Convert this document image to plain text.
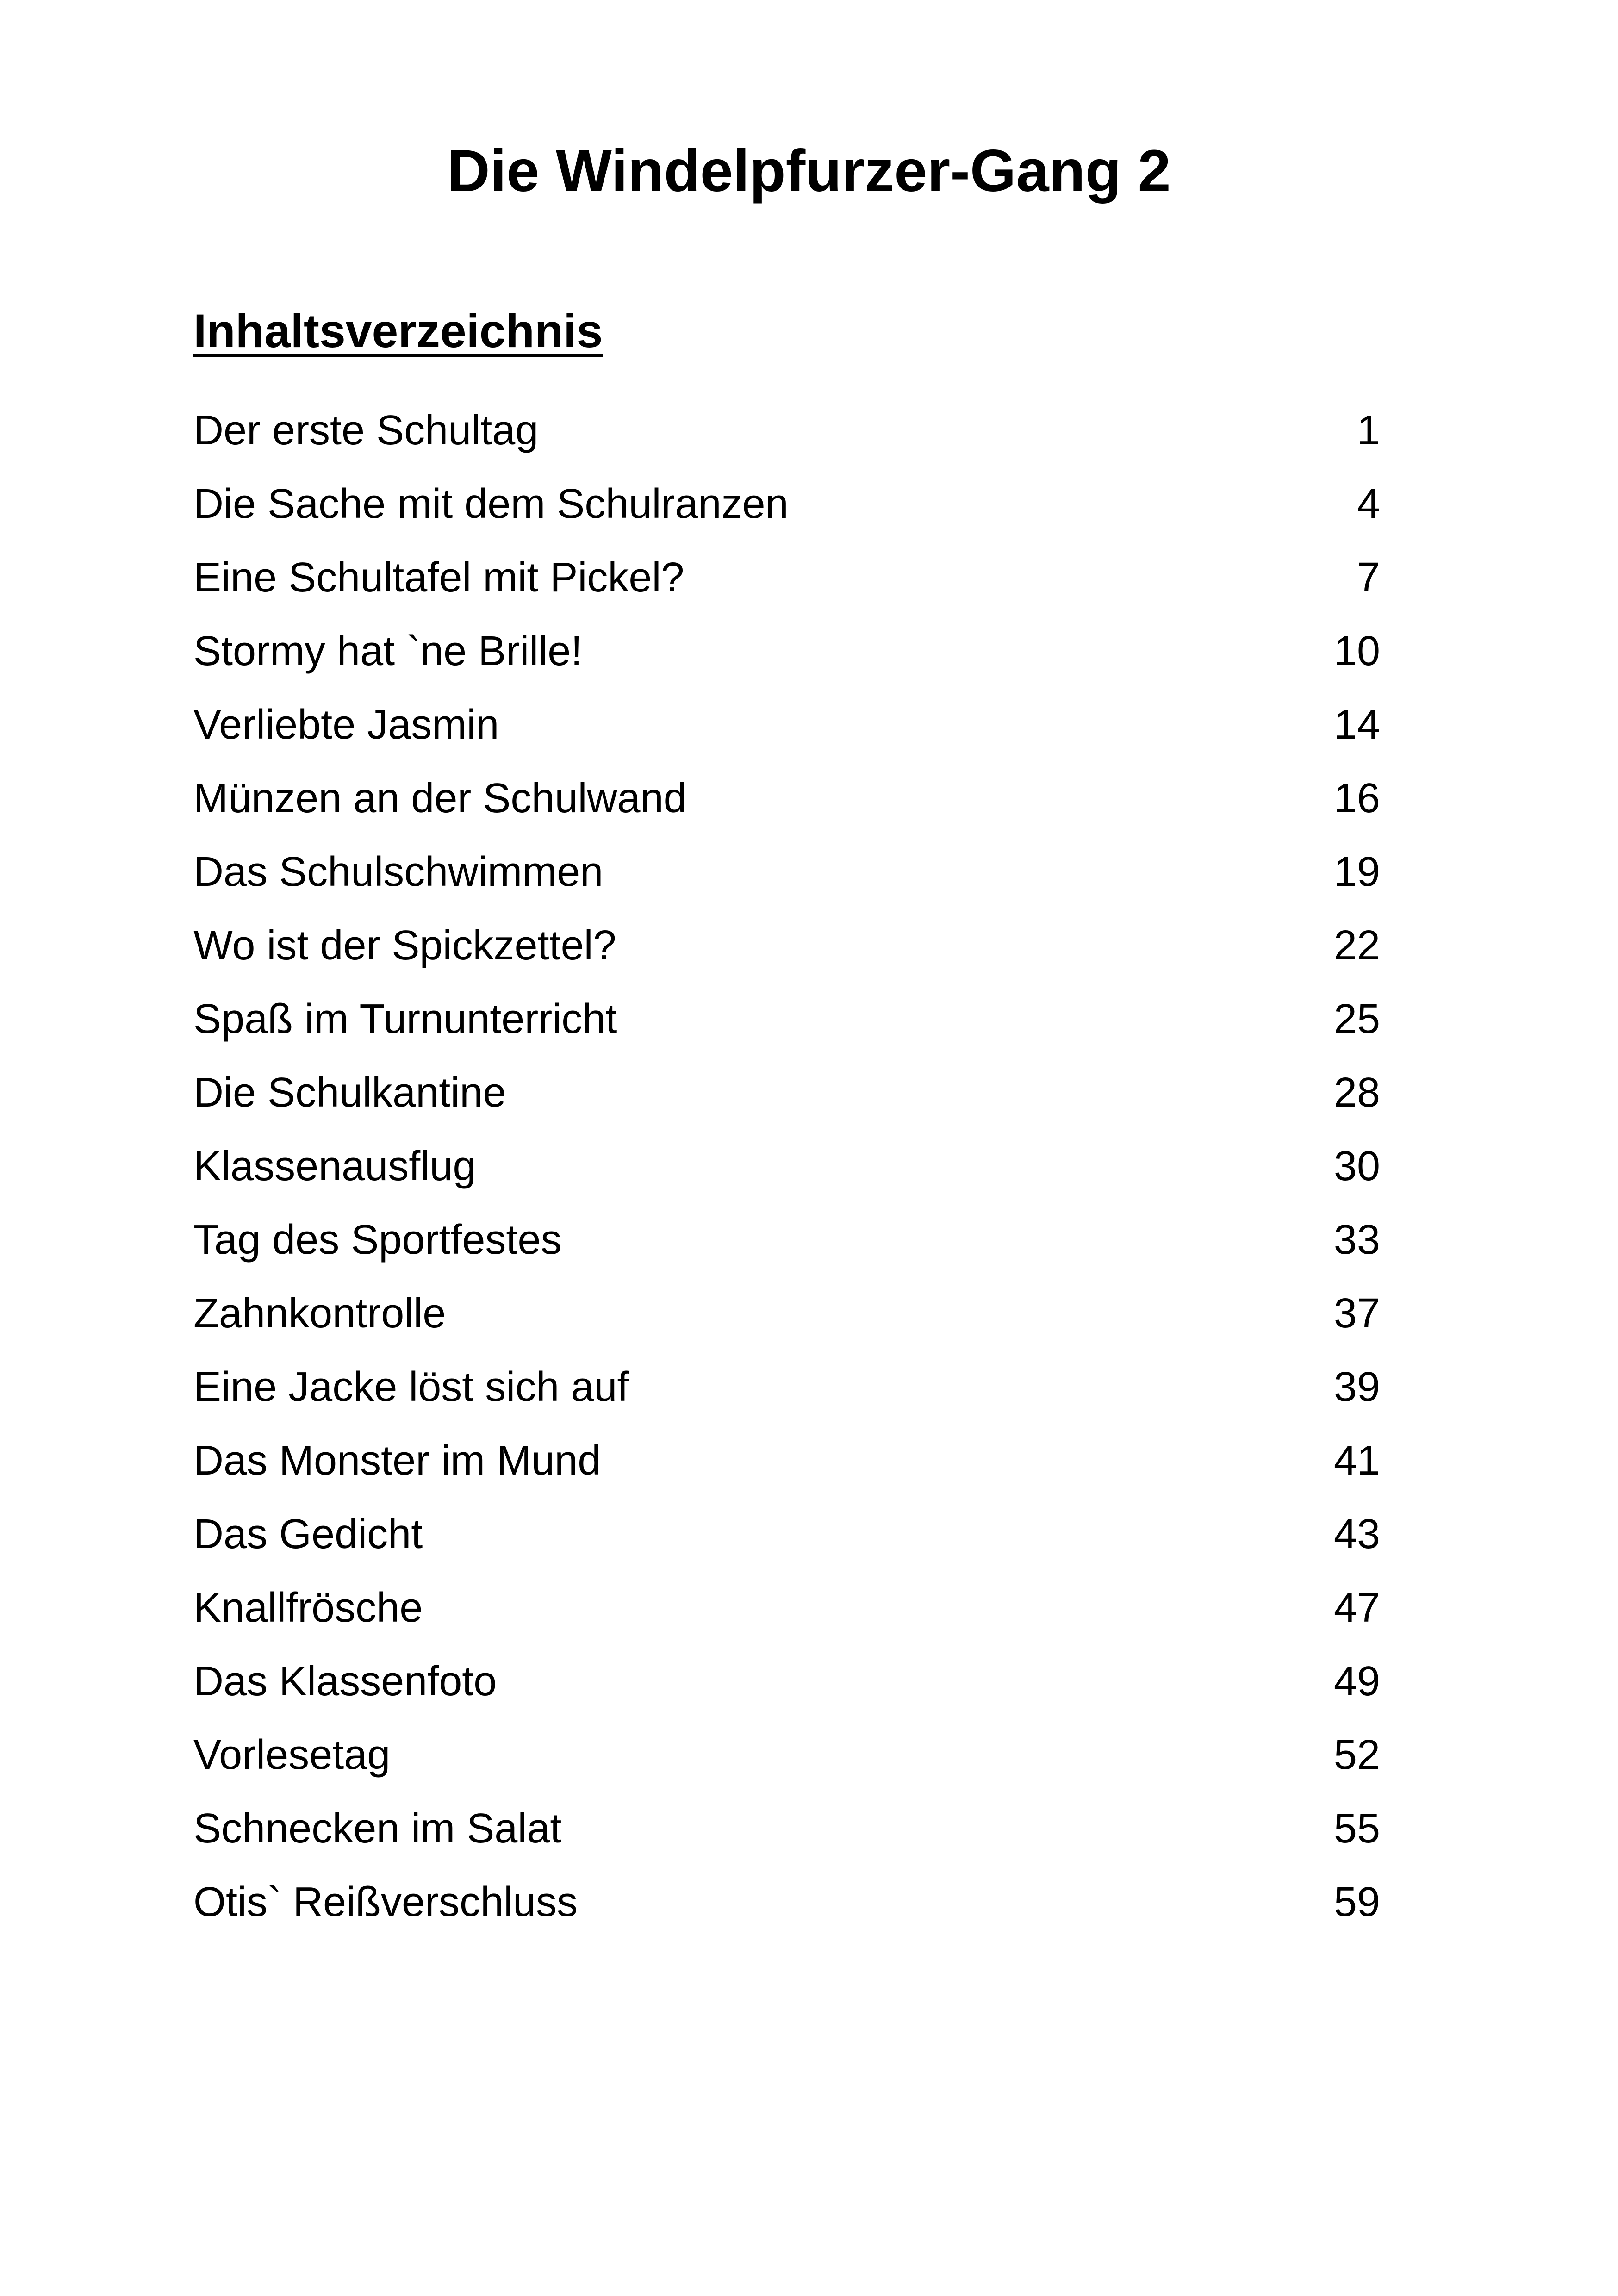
Die Windelpfurzer-Gang 2
Inhaltsverzeichnis
Der erste Schultag	1
Die Sache mit dem Schulranzen	4
Eine Schultafel mit Pickel?	7
Stormy hat `ne Brille!	10
Verliebte Jasmin	14
Münzen an der Schulwand	16
Das Schulschwimmen	19
Wo ist der Spickzettel?	22
Spaß im Turnunterricht	25
Die Schulkantine	28
Klassenausflug	30
Tag des Sportfestes	33
Zahnkontrolle	37
Eine Jacke löst sich auf	39
Das Monster im Mund	41
Das Gedicht	43
Knallfrösche	47
Das Klassenfoto	49
Vorlesetag	52
Schnecken im Salat	55
Otis` Reißverschluss	59
